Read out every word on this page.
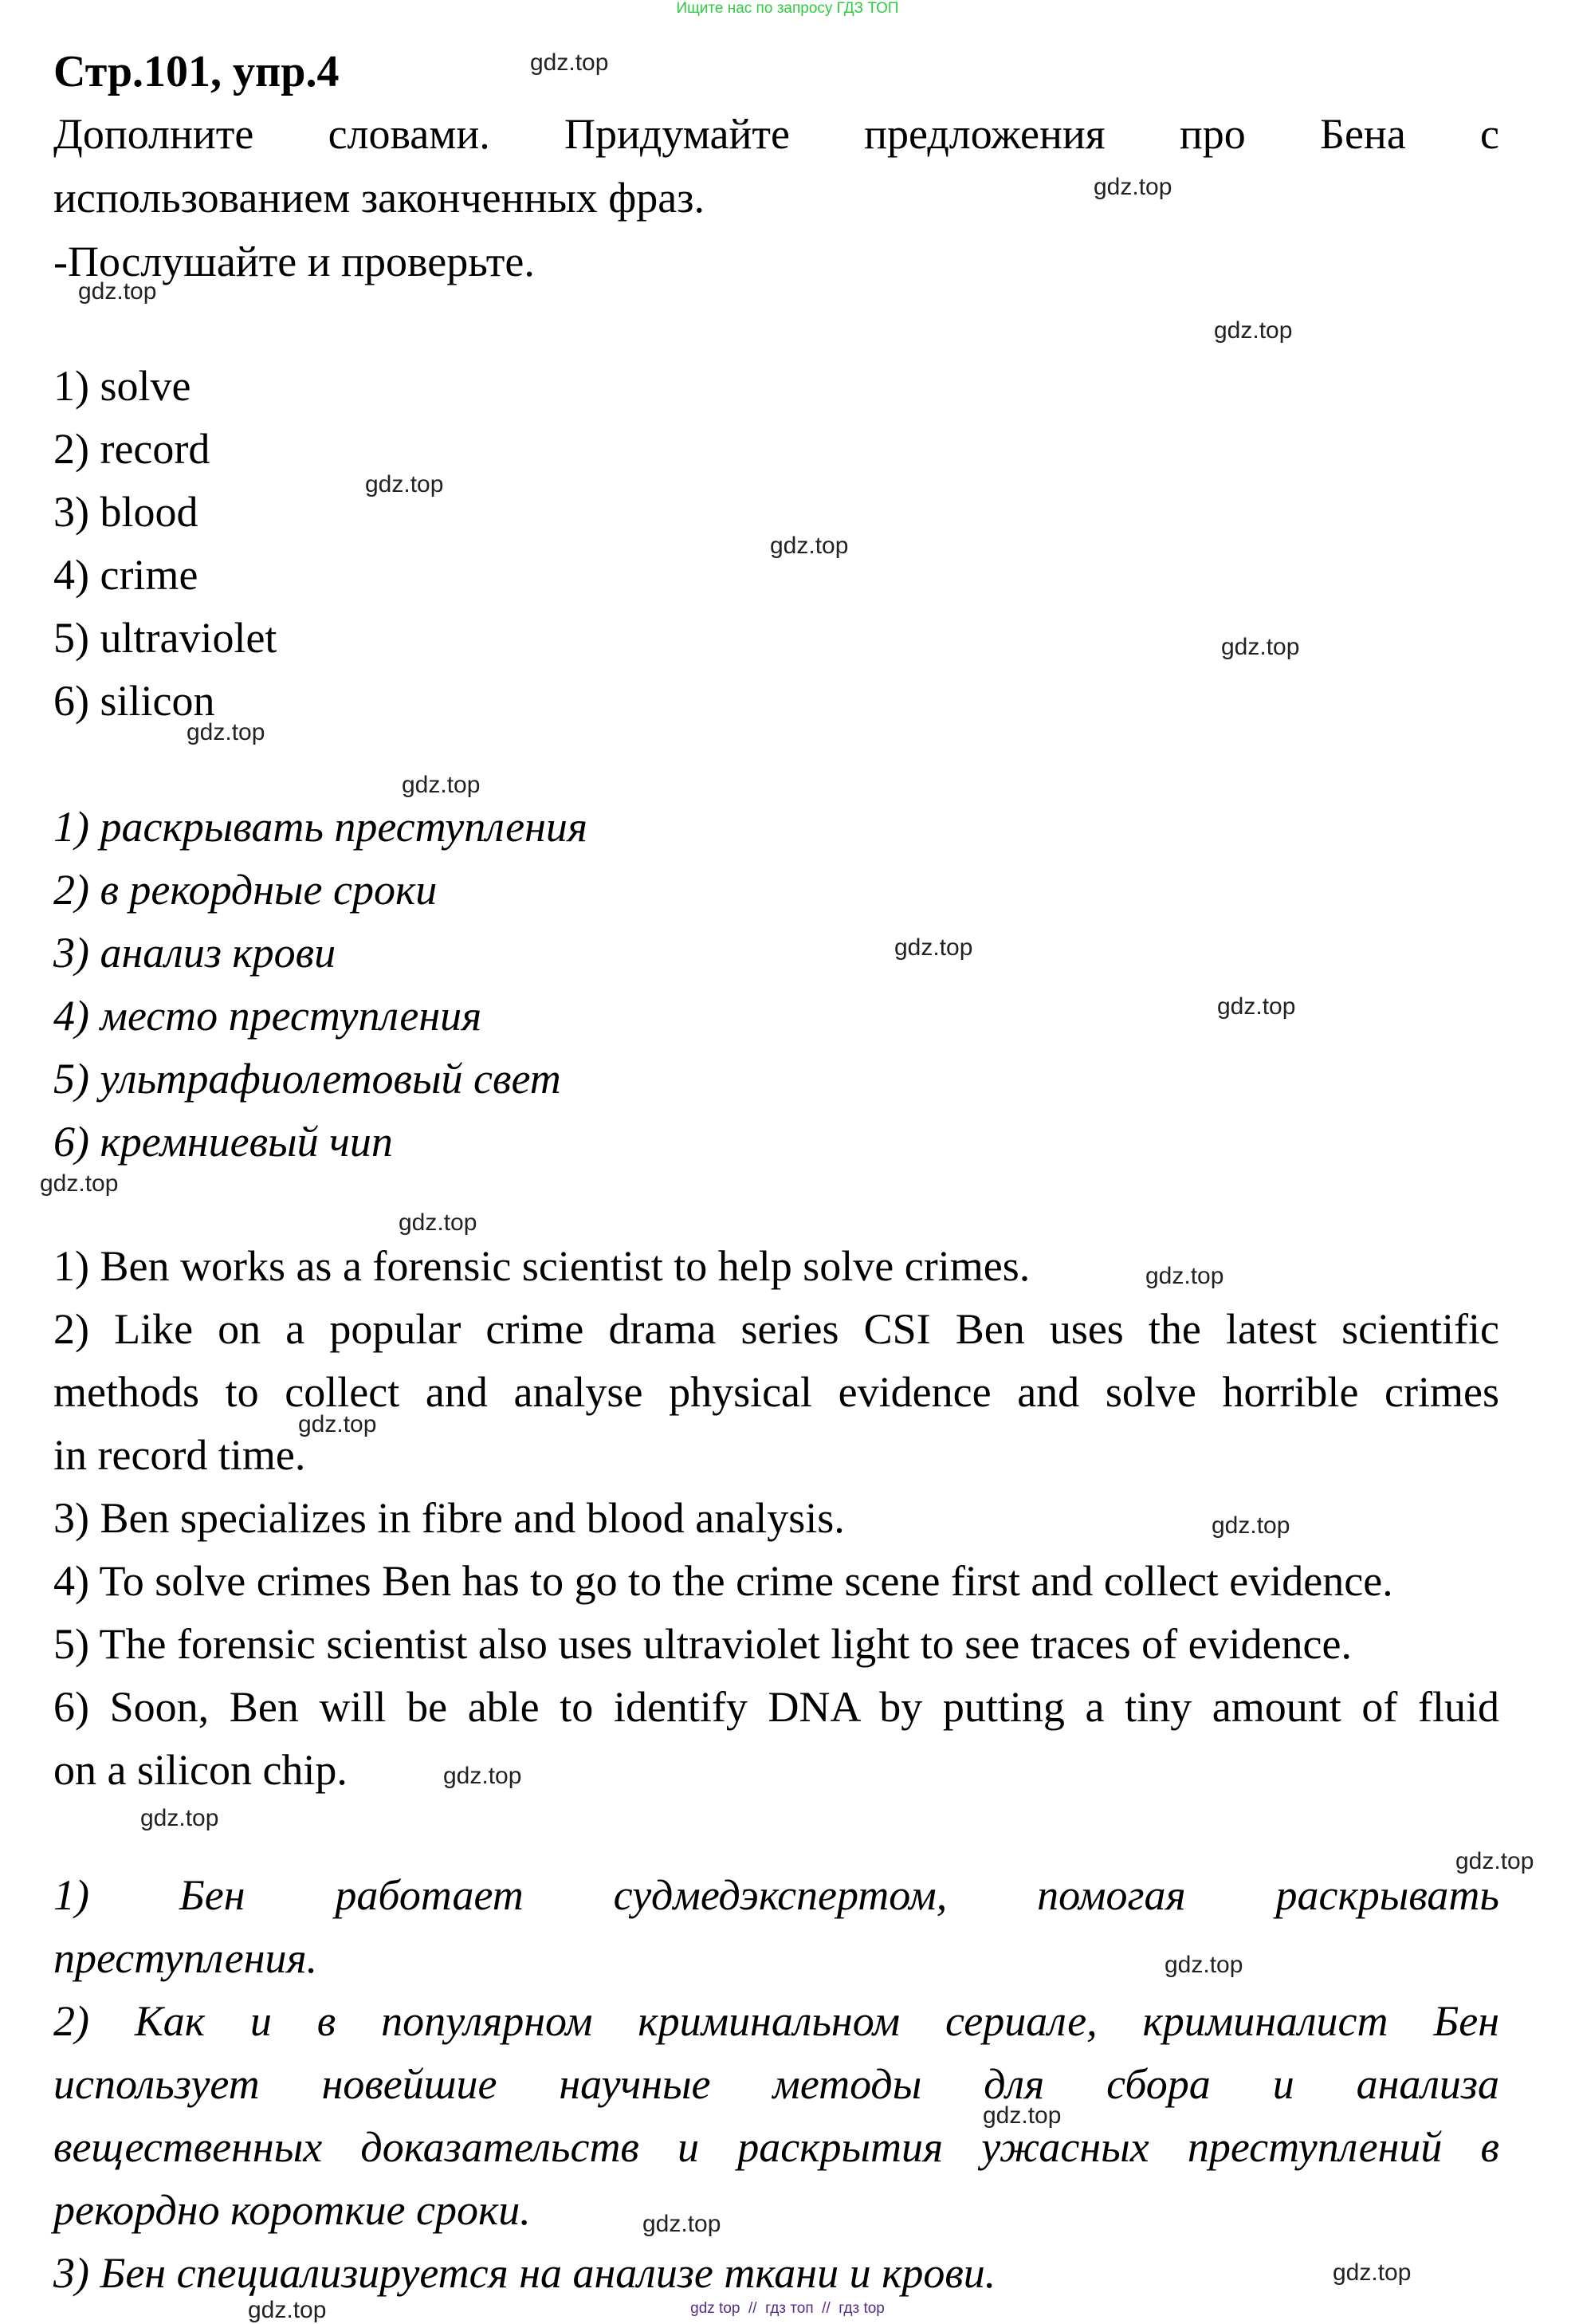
Ищите нас по запросу ГДЗ ТОП
Стр.101, упр.4
Дополните словами. Придумайте предложения про Бена с
использованием законченных фраз.
-Послушайте и проверьте.
1) solve
2) record
3) blood
4) crime
5) ultraviolet
6) silicon
1) раскрывать преступления
2) в рекордные сроки
3) анализ крови
4) место преступления
5) ультрафиолетовый свет
6) кремниевый чип
1) Ben works as a forensic scientist to help solve crimes.
2) Like on a popular crime drama series CSI Ben uses the latest scientific
methods to collect and analyse physical evidence and solve horrible crimes
in record time.
3) Ben specializes in fibre and blood analysis.
4) To solve crimes Ben has to go to the crime scene first and collect evidence.
5) The forensic scientist also uses ultraviolet light to see traces of evidence.
6) Soon, Ben will be able to identify DNA by putting a tiny amount of fluid
on a silicon chip.
1) Бен работает судмедэкспертом, помогая раскрывать
преступления.
2) Как и в популярном криминальном сериале, криминалист Бен
использует новейшие научные методы для сбора и анализа
вещественных доказательств и раскрытия ужасных преступлений в
рекордно короткие сроки.
3) Бен специализируется на анализе ткани и крови.
gdz.top
gdz.top
gdz.top
gdz.top
gdz.top
gdz.top
gdz.top
gdz.top
gdz.top
gdz.top
gdz.top
gdz.top
gdz.top
gdz.top
gdz.top
gdz.top
gdz.top
gdz.top
gdz.top
gdz.top
gdz.top
gdz.top
gdz.top
gdz.top	gdz top  //  гдз топ  //  гдз top
